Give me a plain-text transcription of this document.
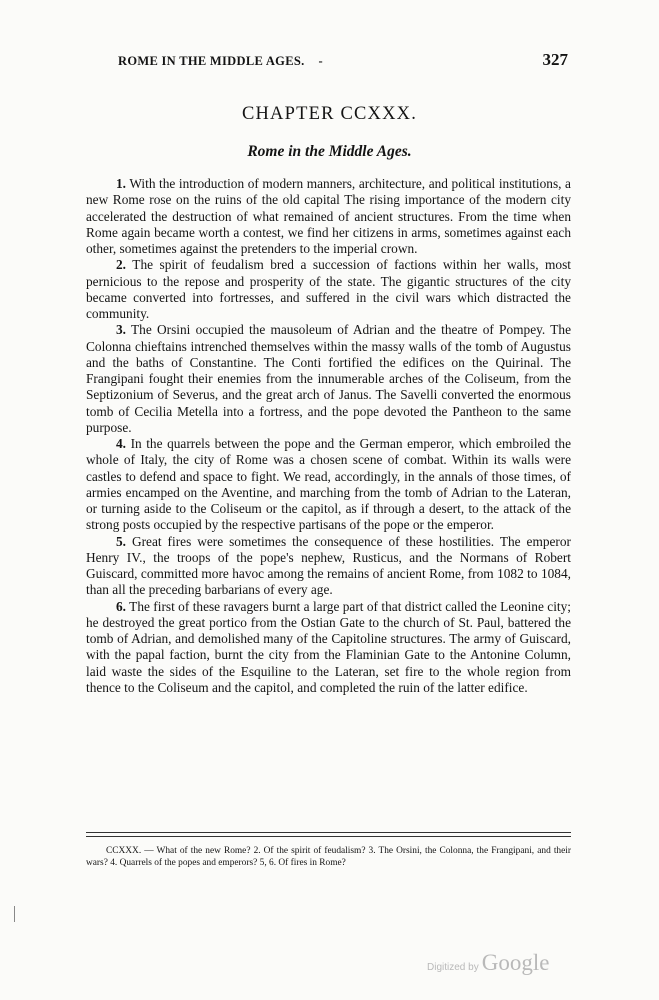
ROME IN THE MIDDLE AGES. -	327
CHAPTER CCXXX.
Rome in the Middle Ages.

1. With the introduction of modern manners, architecture, and political institutions, a new Rome rose on the ruins of the old capital The rising importance of the modern city accelerated the destruction of what remained of ancient structures. From the time when Rome again became worth a contest, we find her citizens in arms, sometimes against each other, sometimes against the pretenders to the imperial crown.

2. The spirit of feudalism bred a succession of factions within her walls, most pernicious to the repose and prosperity of the state. The gigantic structures of the city became converted into fortresses, and suffered in the civil wars which distracted the community.

3. The Orsini occupied the mausoleum of Adrian and the theatre of Pompey. The Colonna chieftains intrenched themselves within the massy walls of the tomb of Augustus and the baths of Constantine. The Conti fortified the edifices on the Quirinal. The Frangipani fought their enemies from the innumerable arches of the Coliseum, from the Septizonium of Severus, and the great arch of Janus. The Savelli converted the enormous tomb of Cecilia Metella into a fortress, and the pope devoted the Pantheon to the same purpose.

4. In the quarrels between the pope and the German emperor, which embroiled the whole of Italy, the city of Rome was a chosen scene of combat. Within its walls were castles to defend and space to fight. We read, accordingly, in the annals of those times, of armies encamped on the Aventine, and marching from the tomb of Adrian to the Lateran, or turning aside to the Coliseum or the capitol, as if through a desert, to the attack of the strong posts occupied by the respective partisans of the pope or the emperor.

5. Great fires were sometimes the consequence of these hostilities. The emperor Henry IV., the troops of the pope's nephew, Rusticus, and the Normans of Robert Guiscard, committed more havoc among the remains of ancient Rome, from 1082 to 1084, than all the preceding barbarians of every age.

6. The first of these ravagers burnt a large part of that district called the Leonine city; he destroyed the great portico from the Ostian Gate to the church of St. Paul, battered the tomb of Adrian, and demolished many of the Capitoline structures. The army of Guiscard, with the papal faction, burnt the city from the Flaminian Gate to the Antonine Column, laid waste the sides of the Esquiline to the Lateran, set fire to the whole region from thence to the Coliseum and the capitol, and completed the ruin of the latter edifice.

CCXXX. — What of the new Rome? 2. Of the spirit of feudalism? 3. The Orsini, the Colonna, the Frangipani, and their wars? 4. Quarrels of the popes and emperors? 5, 6. Of fires in Rome?
Digitized by Google
